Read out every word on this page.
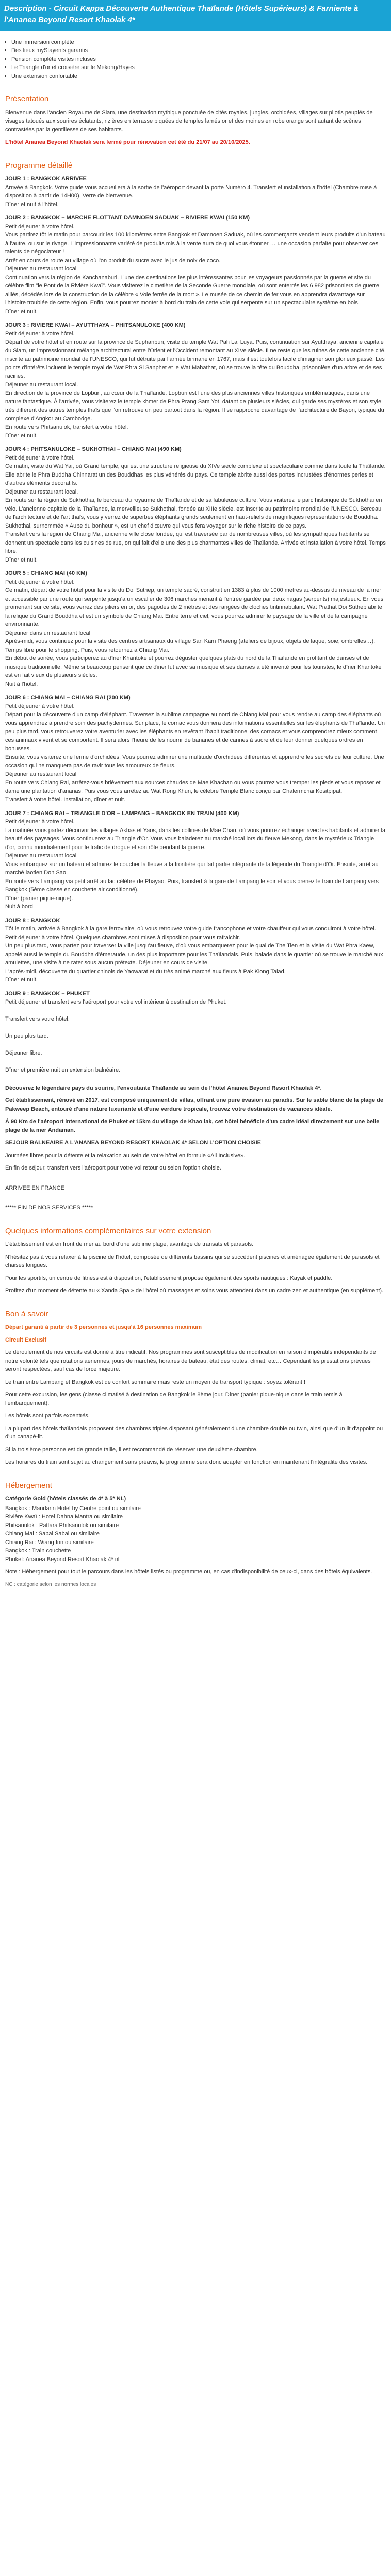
Description - Circuit Kappa Découverte Authentique Thaïlande (Hôtels Supérieurs) & Farniente à l'Ananea Beyond Resort Khaolak 4*
• Une immersion complète
• Des lieux myStayents garantis
• Pension complète visites incluses
• Le Triangle d'or et croisière sur le Mékong/Hayes
• Une extension confortable
Présentation

Bienvenue dans l'ancien Royaume de Siam, une destination mythique ponctuée de cités royales, jungles, orchidées, villages sur pilotis peuplés de visages tatoués aux sourires éclatants, rizières en terrasse piquées de temples lamés or et des moines en robe orange sont autant de scènes contrastées par la gentillesse de ses habitants.

L'hôtel Ananea Beyond Khaolak sera fermé pour rénovation cet été du 21/07 au 20/10/2025.

Programme détaillé
JOUR 1 : BANGKOK ARRIVEE
Arrivée à Bangkok. Votre guide vous accueillera à la sortie de l'aéroport devant la porte Numéro 4. Transfert et installation à l'hôtel (Chambre mise à disposition à partir de 14H00). Verre de bienvenue.
Dîner et nuit à l'hôtel.
JOUR 2 : BANGKOK – MARCHE FLOTTANT DAMNOEN SADUAK – RIVIERE KWAI (150 KM)
Petit déjeuner à votre hôtel.
Vous partirez tôt le matin pour parcourir les 100 kilomètres entre Bangkok et Damnoen Saduak, où les commerçants vendent leurs produits d'un bateau à l'autre, ou sur le rivage. L'impressionnante variété de produits mis à la vente aura de quoi vous étonner … une occasion parfaite pour observer ces talents de négociateur !
Arrêt en cours de route au village où l'on produit du sucre avec le jus de noix de coco.
Déjeuner au restaurant local
Continuation vers la région de Kanchanaburi. L'une des destinations les plus intéressantes pour les voyageurs passionnés par la guerre et site du célèbre film "le Pont de la Rivière Kwaï". Vous visiterez le cimetière de la Seconde Guerre mondiale, où sont enterrés les 6 982 prisonniers de guerre alliés, décédés lors de la construction de la célèbre « Voie ferrée de la mort ». Le musée de ce chemin de fer vous en apprendra davantage sur l'histoire troublée de cette région. Enfin, vous pourrez monter à bord du train de cette voie qui serpente sur un spectaculaire système en bois.
Dîner et nuit.
JOUR 3 : RIVIERE KWAI – AYUTTHAYA – PHITSANULOKE (400 KM)
Petit déjeuner à votre hôtel.
Départ de votre hôtel et en route sur la province de Suphanburi, visite du temple Wat Pah Lai Luya. Puis, continuation sur Ayutthaya, ancienne capitale du Siam, un impressionnant mélange architectural entre l'Orient et l'Occident remontant au XIVe siècle. Il ne reste que les ruines de cette ancienne cité, inscrite au patrimoine mondial de l'UNESCO, qui fut détruite par l'armée birmane en 1767, mais il est toutefois facile d'imaginer son glorieux passé. Les points d'intérêts incluent le temple royal de Wat Phra Si Sanphet et le Wat Mahathat, où se trouve la tête du Bouddha, prisonnière d'un arbre et de ses racines.
Déjeuner au restaurant local.
En direction de la province de Lopburi, au cœur de la Thaïlande. Lopburi est l'une des plus anciennes villes historiques emblématiques, dans une nature fantastique. À l'arrivée, vous visiterez le temple khmer de Phra Prang Sam Yot, datant de plusieurs siècles, qui garde ses mystères et son style très différent des autres temples thaïs que l'on retrouve un peu partout dans la région. Il se rapproche davantage de l'architecture de Bayon, typique du complexe d'Angkor au Cambodge.
En route vers Phitsanulok, transfert à votre hôtel.
Dîner et nuit.
JOUR 4 : PHITSANULOKE – SUKHOTHAI – CHIANG MAI (490 KM)
Petit déjeuner à votre hôtel.
Ce matin, visite du Wat Yai, où Grand temple, qui est une structure religieuse du XIVe siècle complexe et spectaculaire comme dans toute la Thaïlande. Elle abrite le Phra Buddha Chinnarat un des Bouddhas les plus vénérés du pays. Ce temple abrite aussi des portes incrustées d'énormes perles et d'autres éléments décoratifs.
Déjeuner au restaurant local.
En route sur la région de Sukhothai, le berceau du royaume de Thaïlande et de sa fabuleuse culture. Vous visiterez le parc historique de Sukhothai en vélo. L'ancienne capitale de la Thaïlande, la merveilleuse Sukhothai, fondée au XIIIe siècle, est inscrite au patrimoine mondial de l'UNESCO. Berceau de l'architecture et de l'art thaïs, vous y verrez de superbes éléphants grands seulement en haut-reliefs de magnifiques représentations de Bouddha. Sukhothai, surnommée « Aube du bonheur », est un chef d'œuvre qui vous fera voyager sur le riche histoire de ce pays.
Transfert vers la région de Chiang Mai, ancienne ville close fondée, qui est traversée par de nombreuses villes, où les sympathiques habitants se donnent un spectacle dans les cuisines de rue, on qui fait d'elle une des plus charmantes villes de Thaïlande. Arrivée et installation à votre hôtel. Temps libre.
Dîner et nuit.
JOUR 5 : CHIANG MAI (40 KM)
Petit déjeuner à votre hôtel.
Ce matin, départ de votre hôtel pour la visite du Doi Suthep, un temple sacré, construit en 1383 à plus de 1000 mètres au-dessus du niveau de la mer et accessible par une route qui serpente jusqu'à un escalier de 306 marches menant à l'entrée gardée par deux nagas (serpents) majestueux. En vous promenant sur ce site, vous verrez des piliers en or, des pagodes de 2 mètres et des rangées de cloches tintinnabulant. Wat Prathat Doi Suthep abrite la relique du Grand Bouddha et est un symbole de Chiang Mai. Entre terre et ciel, vous pourrez admirer le paysage de la ville et de la campagne environnante.
Déjeuner dans un restaurant local
Après-midi, vous continuez pour la visite des centres artisanaux du village San Kam Phaeng (ateliers de bijoux, objets de laque, soie, ombrelles…). Temps libre pour le shopping. Puis, vous retournez à Chiang Mai.
En début de soirée, vous participerez au dîner Khantoke et pourrez déguster quelques plats du nord de la Thaïlande en profitant de danses et de musique traditionnelle. Même si beaucoup pensent que ce dîner fut avec sa musique et ses danses a été inventé pour les touristes, le dîner Khantoke est en fait vieux de plusieurs siècles.
Nuit à l'hôtel.
JOUR 6 : CHIANG MAI – CHIANG RAI (200 KM)
Petit déjeuner à votre hôtel.
Départ pour la découverte d'un camp d'éléphant. Traversez la sublime campagne au nord de Chiang Mai pour vous rendre au camp des éléphants où vous apprendrez à prendre soin des pachydermes. Sur place, le cornac vous donnera des informations essentielles sur les éléphants de Thaïlande. Un peu plus tard, vous retrouverez votre aventurier avec les éléphants en revêtant l'habit traditionnel des cornacs et vous comprendrez mieux comment ces animaux vivent et se comportent. Il sera alors l'heure de les nourrir de bananes et de cannes à sucre et de leur donner quelques ordres en bonusses.
Ensuite, vous visiterez une ferme d'orchidées. Vous pourrez admirer une multitude d'orchidées différentes et apprendre les secrets de leur culture. Une occasion qui ne manquera pas de ravir tous les amoureux de fleurs.
Déjeuner au restaurant local
En route vers Chiang Rai, arrêtez-vous brièvement aux sources chaudes de Mae Khachan ou vous pourrez vous tremper les pieds et vous reposer et dame une plantation d'ananas. Puis vous vous arrêtez au Wat Rong Khun, le célèbre Temple Blanc conçu par Chalermchai Kositpipat.
Transfert à votre hôtel. Installation, dîner et nuit.
JOUR 7 : CHIANG RAI – TRIANGLE D'OR – LAMPANG – BANGKOK EN TRAIN (400 KM)
Petit déjeuner à votre hôtel.
La matinée vous partez découvrir les villages Akhas et Yaos, dans les collines de Mae Chan, où vous pourrez échanger avec les habitants et admirer la beauté des paysages. Vous continuerez au Triangle d'Or. Vous vous baladerez au marché local lors du fleuve Mekong, dans le mystérieux Triangle d'or, connu mondialement pour le trafic de drogue et son rôle pendant la guerre.
Déjeuner au restaurant local
Vous embarquez sur un bateau et admirez le coucher la fleuve à la frontière qui fait partie intégrante de la légende du Triangle d'Or. Ensuite, arrêt au marché laotien Don Sao.
En route vers Lampang via petit arrêt au lac célèbre de Phayao. Puis, transfert à la gare de Lampang le soir et vous prenez le train de Lampang vers Bangkok (5ème classe en couchette air conditionné).
Dîner (panier pique-nique).
Nuit à bord
JOUR 8 : BANGKOK
Tôt le matin, arrivée à Bangkok à la gare ferroviaire, où vous retrouvez votre guide francophone et votre chauffeur qui vous conduiront à votre hôtel. Petit déjeuner à votre hôtel. Quelques chambres sont mises à disposition pour vous rafraichir.
Un peu plus tard, vous partez pour traverser la ville jusqu'au fleuve, d'où vous embarquerez pour le quai de The Tien et la visite du Wat Phra Kaew, appelé aussi le temple du Bouddha d'émeraude, un des plus importants pour les Thaïlandais. Puis, balade dans le quartier où se trouve le marché aux amulettes, une visite à ne rater sous aucun prétexte. Déjeuner en cours de visite.
L'après-midi, découverte du quartier chinois de Yaowarat et du très animé marché aux fleurs à Pak Klong Talad.
Dîner et nuit.
JOUR 9 : BANGKOK – PHUKET
Petit déjeuner et transfert vers l'aéroport pour votre vol intérieur à destination de Phuket.

Transfert vers votre hôtel.

Un peu plus tard.

Déjeuner libre.

Dîner et première nuit en extension balnéaire.

Découvrez le légendaire pays du sourire, l'envoutante Thaïlande au sein de l'hôtel Ananea Beyond Resort Khaolak 4*.

Cet établissement, rénové en 2017, est composé uniquement de villas, offrant une pure évasion au paradis. Sur le sable blanc de la plage de Pakweep Beach, entouré d'une nature luxuriante et d'une verdure tropicale, trouvez votre destination de vacances idéale.

À 90 Km de l'aéroport international de Phuket et 15km du village de Khao lak, cet hôtel bénéficie d'un cadre idéal directement sur une belle plage de la mer Andaman.

SEJOUR BALNEAIRE A L'ANANEA BEYOND RESORT KHAOLAK 4* SELON L'OPTION CHOISIE

Journées libres pour la détente et la relaxation au sein de votre hôtel en formule «All Inclusive».

En fin de séjour, transfert vers l'aéroport pour votre vol retour ou selon l'option choisie.

ARRIVEE EN FRANCE

***** FIN DE NOS SERVICES *****

Quelques informations complémentaires sur votre extension

L'établissement est en front de mer au bord d'une sublime plage, avantage de transats et parasols.

N'hésitez pas à vous relaxer à la piscine de l'hôtel, composée de différents bassins qui se succèdent piscines et aménagée également de parasols et chaises longues.

Pour les sportifs, un centre de fitness est à disposition, l'établissement propose également des sports nautiques : Kayak et paddle.

Profitez d'un moment de détente au « Xanda Spa » de l'hôtel où massages et soins vous attendent dans un cadre zen et authentique (en supplément).

Bon à savoir

Départ garanti à partir de 3 personnes et jusqu'à 16 personnes maximum

Circuit Exclusif

Le déroulement de nos circuits est donné à titre indicatif. Nos programmes sont susceptibles de modification en raison d'impératifs indépendants de notre volonté tels que rotations aériennes, jours de marchés, horaires de bateau, état des routes, climat, etc… Cependant les prestations prévues seront respectées, sauf cas de force majeure.

Le train entre Lampang et Bangkok est de confort sommaire mais reste un moyen de transport typique : soyez tolérant !

Pour cette excursion, les gens (classe climatisé à destination de Bangkok le 8ème jour. Dîner (panier pique-nique dans le train remis à l'embarquement).

Les hôtels sont parfois excentrés.

La plupart des hôtels thaïlandais proposent des chambres triples disposant généralement d'une chambre double ou twin, ainsi que d'un lit d'appoint ou d'un canapé-lit.

Si la troisième personne est de grande taille, il est recommandé de réserver une deuxième chambre.

Les horaires du train sont sujet au changement sans préavis, le programme sera donc adapter en fonction en maintenant l'intégralité des visites.

Hébergement

Catégorie Gold (hôtels classés de 4* à 5* NL)

Bangkok : Mandarin Hotel by Centre point ou similaire
Rivière Kwaï : Hotel Dahna Mantra ou similaire
Phitsanulok : Pattara Phitsanulok ou similaire
Chiang Mai : Sabai Sabai ou similaire
Chiang Rai : Wiang Inn ou similaire
Bangkok : Train couchette
Phuket: Ananea Beyond Resort Khaolak 4* nl

Note : Hébergement pour tout le parcours dans les hôtels listés ou programme ou, en cas d'indisponibilité de ceux-ci, dans des hôtels équivalents.

NC : catégorie selon les normes locales
